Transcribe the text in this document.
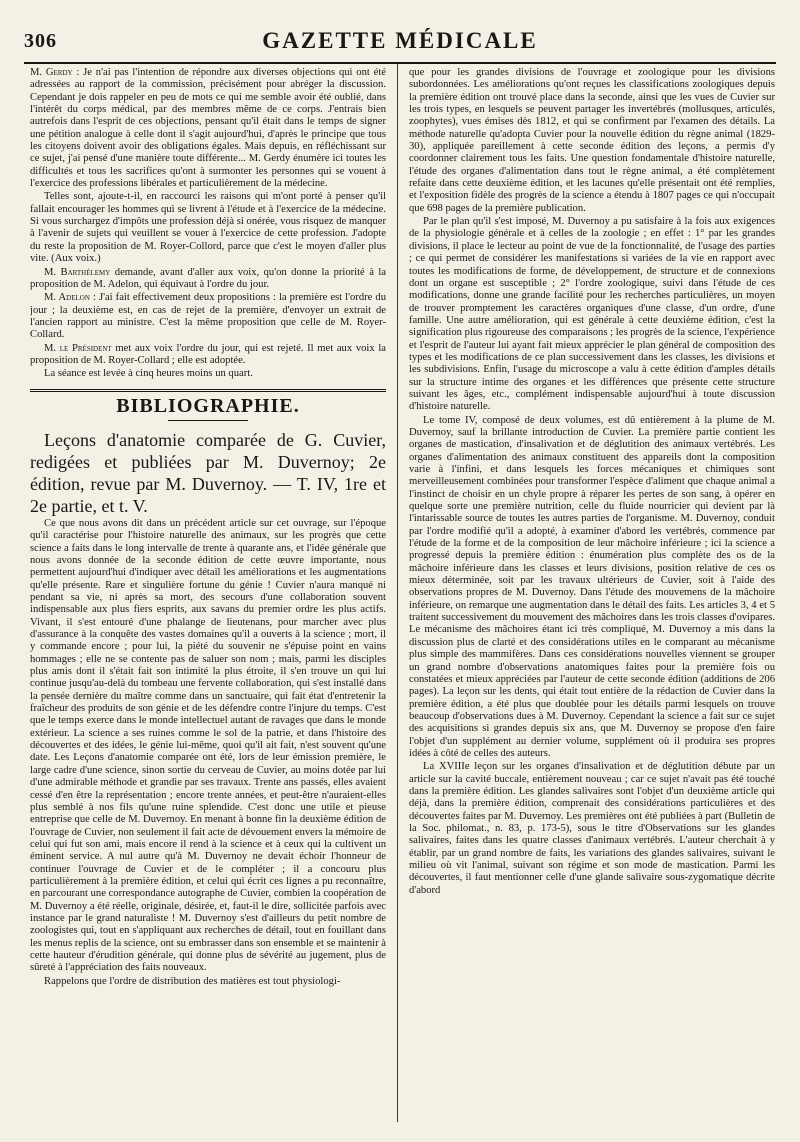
306	GAZETTE MÉDICALE

M. Gerdy : Je n'ai pas l'intention de répondre aux diverses objections qui ont été adressées au rapport de la commission, précisément pour abréger la discussion. Cependant je dois rappeler en peu de mots ce qui me semble avoir été oublié, dans l'intérêt du corps médical, par des membres même de ce corps. J'entrais bien autrefois dans l'esprit de ces objections, pensant qu'il était dans le temps de signer une pétition analogue à celle dont il s'agit aujourd'hui, d'après le principe que tous les citoyens doivent avoir des obligations égales. Mais depuis, en réfléchissant sur ce sujet, j'ai pensé d'une manière toute différente... M. Gerdy énumère ici toutes les difficultés et tous les sacrifices qu'ont à surmonter les personnes qui se vouent à l'exercice des professions libérales et particulièrement de la médecine.

Telles sont, ajoute-t-il, en raccourci les raisons qui m'ont porté à penser qu'il fallait encourager les hommes qui se livrent à l'étude et à l'exercice de la médecine. Si vous surchargez d'impôts une profession déjà si onérée, vous risquez de manquer à l'avenir de sujets qui veuillent se vouer à l'exercice de cette profession. J'adopte du reste la proposition de M. Royer-Collord, parce que c'est le moyen d'aller plus vite. (Aux voix.)

M. Barthélemy demande, avant d'aller aux voix, qu'on donne la priorité à la proposition de M. Adelon, qui équivaut à l'ordre du jour.

M. Adelon : J'ai fait effectivement deux propositions : la première est l'ordre du jour ; la deuxième est, en cas de rejet de la première, d'envoyer un extrait de l'ancien rapport au ministre. C'est la même proposition que celle de M. Royer-Collard.

M. le Président met aux voix l'ordre du jour, qui est rejeté. Il met aux voix la proposition de M. Royer-Collard ; elle est adoptée.

La séance est levée à cinq heures moins un quart.

BIBLIOGRAPHIE.

Leçons d'anatomie comparée de G. Cuvier, redigées et publiées par M. Duvernoy; 2e édition, revue par M. Duvernoy. — T. IV, 1re et 2e partie, et t. V.

Ce que nous avons dit dans un précédent article sur cet ouvrage, sur l'époque qu'il caractérise pour l'histoire naturelle des animaux, sur les progrès que cette science a faits dans le long intervalle de trente à quarante ans, et l'idée générale que nous avons donnée de la seconde édition de cette œuvre importante, nous permettent aujourd'hui d'indiquer avec détail les améliorations et les augmentations qu'elle présente. Rare et singulière fortune du génie ! Cuvier n'aura manqué ni pendant sa vie, ni après sa mort, des secours d'une collaboration souvent indispensable aux plus fiers esprits, aux savans du premier ordre les plus actifs. Vivant, il s'est entouré d'une phalange de lieutenans, pour marcher avec plus d'assurance à la conquête des vastes domaines qu'il a ouverts à la science ; mort, il y commande encore ; pour lui, la piété du souvenir ne s'épuise point en vains hommages ; elle ne se contente pas de saluer son nom ; mais, parmi les disciples plus amis dont il s'était fait son intimité la plus étroite, il s'en trouve un qui lui continue jusqu'au-delà du tombeau une fervente collaboration, qui s'est installé dans la pensée dernière du maître comme dans un sanctuaire, qui fait état d'entretenir la fraîcheur des produits de son génie et de les défendre contre l'injure du temps. C'est que le temps exerce dans le monde intellectuel autant de ravages que dans le monde extérieur. La science a ses ruines comme le sol de la patrie, et dans l'histoire des découvertes et des idées, le génie lui-même, quoi qu'il ait fait, n'est souvent qu'une date. Les Leçons d'anatomie comparée ont été, lors de leur émission première, le large cadre d'une science, sinon sortie du cerveau de Cuvier, au moins dotée par lui d'une admirable méthode et grandie par ses travaux. Trente ans passés, elles avaient cessé d'en être la représentation ; encore trente années, et peut-être n'auraient-elles plus semblé à nos fils qu'une ruine splendide. C'est donc une utile et pieuse entreprise que celle de M. Duvernoy. En menant à bonne fin la deuxième édition de l'ouvrage de Cuvier, non seulement il fait acte de dévouement envers la mémoire de celui qui fut son ami, mais encore il rend à la science et à ceux qui la cultivent un éminent service. A nul autre qu'à M. Duvernoy ne devait échoir l'honneur de continuer l'ouvrage de Cuvier et de le compléter ; il a concouru plus particulièrement à la première édition, et celui qui écrit ces lignes a pu reconnaître, en parcourant une correspondance autographe de Cuvier, combien la coopération de M. Duvernoy a été réelle, originale, désirée, et, faut-il le dire, sollicitée parfois avec instance par le grand naturaliste ! M. Duvernoy s'est d'ailleurs du petit nombre de zoologistes qui, tout en s'appliquant aux recherches de détail, tout en fouillant dans les menus replis de la science, ont su embrasser dans son ensemble et se maintenir à cette hauteur d'érudition générale, qui donne plus de sévérité au jugement, plus de sûreté à l'appréciation des faits nouveaux.

Rappelons que l'ordre de distribution des matières est tout physiologi-

que pour les grandes divisions de l'ouvrage et zoologique pour les divisions subordonnées. Les améliorations qu'ont reçues les classifications zoologiques depuis la première édition ont trouvé place dans la seconde, ainsi que les vues de Cuvier sur les trois types, en lesquels se peuvent partager les invertébrés (mollusques, articulés, zoophytes), vues émises dès 1812, et qui se confirment par l'examen des détails. La méthode naturelle qu'adopta Cuvier pour la nouvelle édition du règne animal (1829-30), appliquée pareillement à cette seconde édition des leçons, a permis d'y coordonner clairement tous les faits. Une question fondamentale d'histoire naturelle, l'étude des organes d'alimentation dans tout le règne animal, a été complètement refaite dans cette deuxième édition, et les lacunes qu'elle présentait ont été remplies, et l'exposition fidèle des progrès de la science a étendu à 1807 pages ce qui n'occupait que 698 pages de la première publication.

Par le plan qu'il s'est imposé, M. Duvernoy a pu satisfaire à la fois aux exigences de la physiologie générale et à celles de la zoologie ; en effet : 1° par les grandes divisions, il place le lecteur au point de vue de la fonctionnalité, de l'usage des parties ; ce qui permet de considérer les manifestations si variées de la vie en rapport avec toutes les modifications de forme, de développement, de structure et de connexions dont un organe est susceptible ; 2° l'ordre zoologique, suivi dans l'étude de ces modifications, donne une grande facilité pour les recherches particulières, un moyen de trouver promptement les caractères organiques d'une classe, d'un ordre, d'une famille. Une autre amélioration, qui est générale à cette deuxième édition, c'est la signification plus rigoureuse des comparaisons ; les progrès de la science, l'expérience et l'esprit de l'auteur lui ayant fait mieux apprécier le plan général de composition des types et les modifications de ce plan successivement dans les classes, les divisions et les subdivisions. Enfin, l'usage du microscope a valu à cette édition d'amples détails sur la structure intime des organes et les différences que présente cette structure suivant les âges, etc., complément indispensable aujourd'hui à toute discussion d'histoire naturelle.

Le tome IV, composé de deux volumes, est dû entièrement à la plume de M. Duvernoy, sauf la brillante introduction de Cuvier. La première partie contient les organes de mastication, d'insalivation et de déglutition des animaux vertébrés. Les organes d'alimentation des animaux constituent des appareils dont la composition varie à l'infini, et dans lesquels les forces mécaniques et chimiques sont merveilleusement combinées pour transformer l'espèce d'aliment que chaque animal a l'instinct de choisir en un chyle propre à réparer les pertes de son sang, à opérer en quelque sorte une première nutrition, celle du fluide nourricier qui devient par là l'intarissable source de toutes les autres parties de l'organisme. M. Duvernoy, conduit par l'ordre modifié qu'il a adopté, à examiner d'abord les vertébrés, commence par l'étude de la forme et de la composition de leur mâchoire inférieure ; ici la science a progressé depuis la première édition : énumération plus complète des os de la mâchoire inférieure dans les classes et leurs divisions, position relative de ces os mieux déterminée, soit par les travaux ultérieurs de Cuvier, soit à l'aide des observations propres de M. Duvernoy. Dans l'étude des mouvemens de la mâchoire inférieure, on remarque une augmentation dans le détail des faits. Les articles 3, 4 et 5 traitent successivement du mouvement des mâchoires dans les trois classes d'ovipares. Le mécanisme des mâchoires étant ici très compliqué, M. Duvernoy a mis dans la discussion plus de clarté et des considérations utiles en le comparant au mécanisme plus simple des mammifères. Dans ces considérations nouvelles viennent se grouper un grand nombre d'observations anatomiques faites pour la première fois ou constatées et mieux appréciées par l'auteur de cette seconde édition (additions de 206 pages). La leçon sur les dents, qui était tout entière de la rédaction de Cuvier dans la première édition, a été plus que doublée pour les détails parmi lesquels on trouve beaucoup d'observations dues à M. Duvernoy. Cependant la science a fait sur ce sujet des acquisitions si grandes depuis six ans, que M. Duvernoy se propose d'en faire l'objet d'un supplément au dernier volume, supplément où il produira ses propres idées à côté de celles des auteurs.

La XVIIIe leçon sur les organes d'insalivation et de déglutition débute par un article sur la cavité buccale, entièrement nouveau ; car ce sujet n'avait pas été touché dans la première édition. Les glandes salivaires sont l'objet d'un deuxième article qui déjà, dans la première édition, comprenait des considérations particulières et des découvertes faites par M. Duvernoy. Les premières ont été publiées à part (Bulletin de la Soc. philomat., n. 83, p. 173-5), sous le titre d'Observations sur les glandes salivaires, faites dans les quatre classes d'animaux vertébrés. L'auteur cherchait à y établir, par un grand nombre de faits, les variations des glandes salivaires, suivant le milieu où vit l'animal, suivant son régime et son mode de mastication. Parmi les découvertes, il faut mentionner celle d'une glande salivaire sous-zygomatique décrite d'abord
